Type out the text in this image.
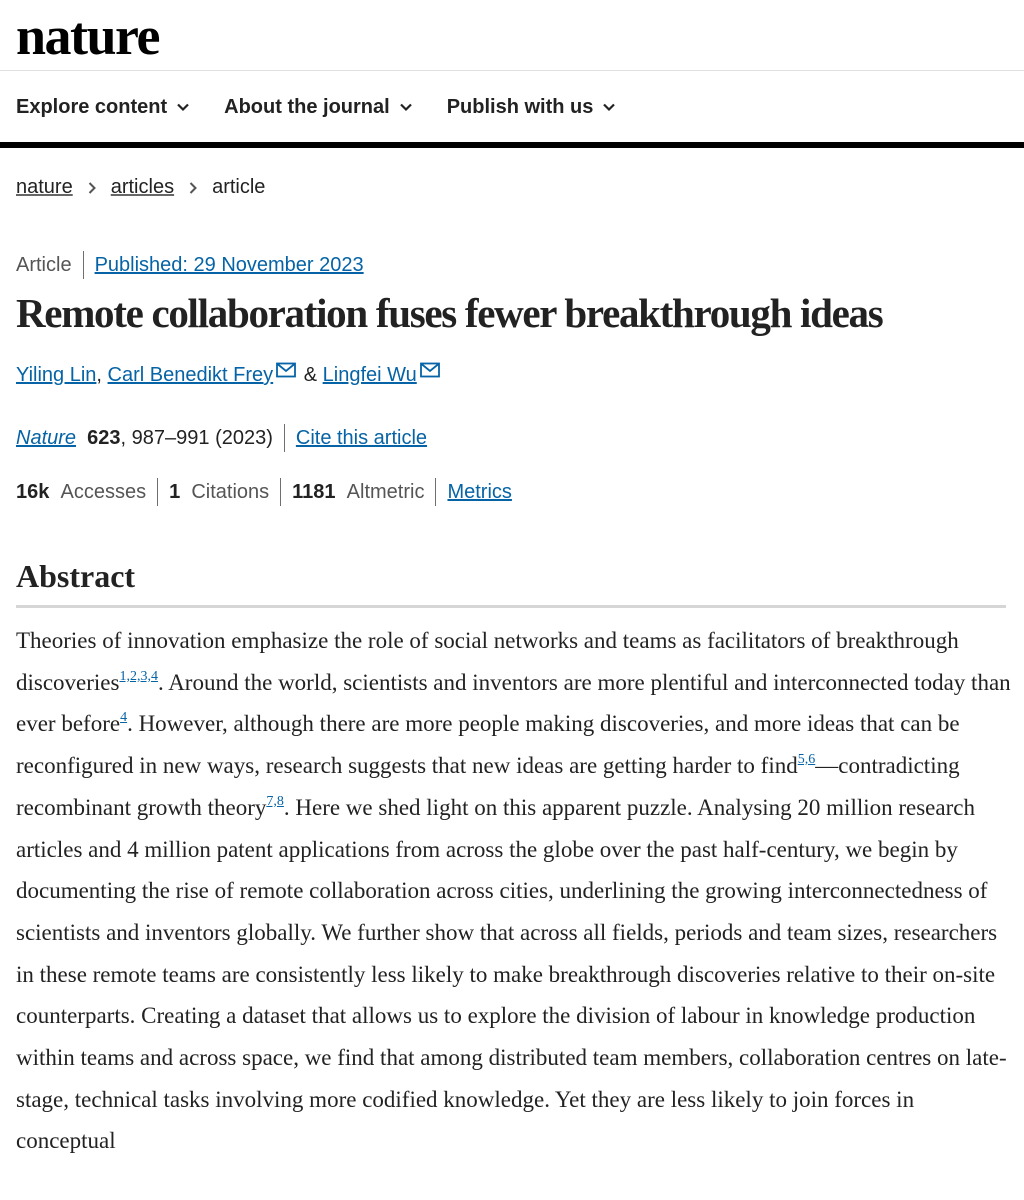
nature
Explore content	About the journal	Publish with us
nature articles article
Article Published: 29 November 2023
Remote collaboration fuses fewer breakthrough ideas
Yiling Lin , Carl Benedikt Frey
&
Lingfei Wu
Nature
623 , 987–991 (2023) Cite this article
16k
Accesses 1
Citations 1181
Altmetric Metrics
Abstract

Theories of innovation emphasize the role of social networks and teams as facilitators of breakthrough discoveries$^{1,2,3,4}$. Around the world, scientists and inventors are more plentiful and interconnected today than ever before$^4$. However, although there are more people making discoveries, and more ideas that can be reconfigured in new ways, research suggests that new ideas are getting harder to find$^{5,6}$—contradicting recombinant growth theory$^{7,8}$. Here we shed light on this apparent puzzle. Analysing 20 million research articles and 4 million patent applications from across the globe over the past half-century, we begin by documenting the rise of remote collaboration across cities, underlining the growing interconnectedness of scientists and inventors globally. We further show that across all fields, periods and team sizes, researchers in these remote teams are consistently less likely to make breakthrough discoveries relative to their on-site counterparts. Creating a dataset that allows us to explore the division of labour in knowledge production within teams and across space, we find that among distributed team members, collaboration centres on late-stage, technical tasks involving more codified knowledge. Yet they are less likely to join forces in conceptual
